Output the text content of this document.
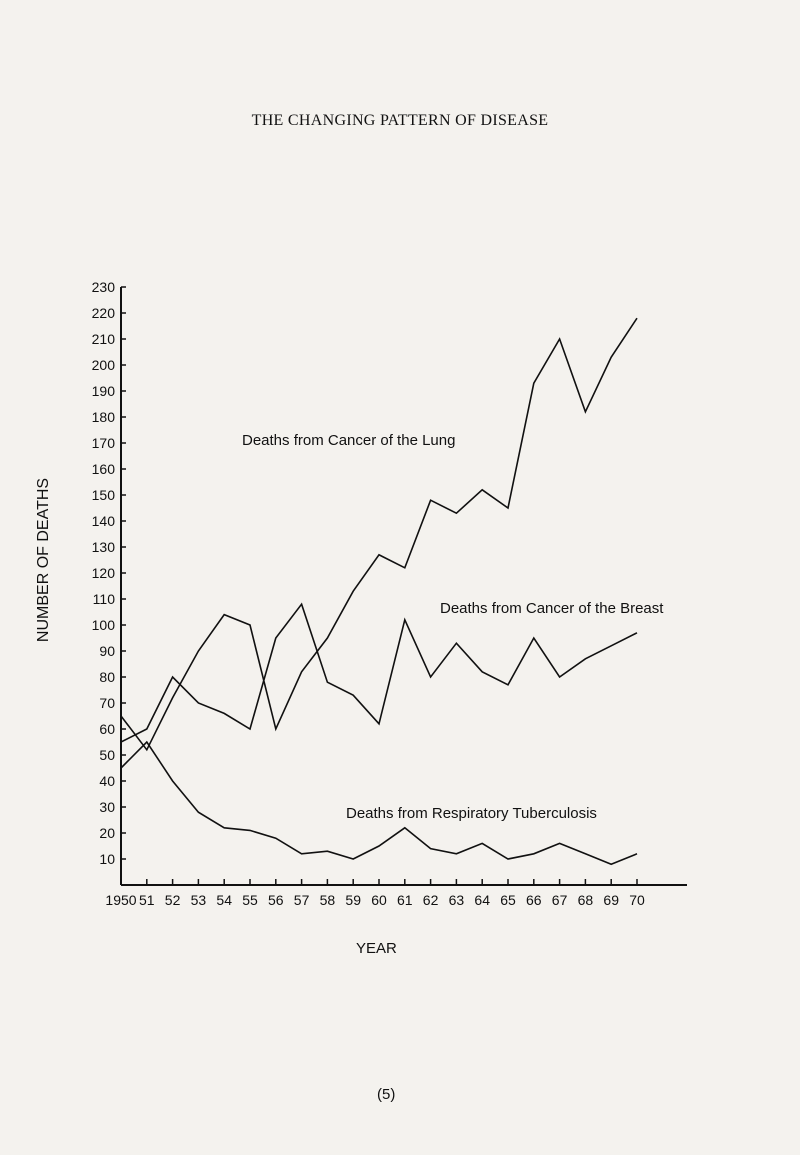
THE CHANGING PATTERN OF DISEASE
10
20
30
40
50
60
70
80
90
100
110
120
130
140
150
160
170
180
190
200
210
220
230
1950 51 52 53 54 55 56 57 58 59 60 61 62 63 64 65 66 67 68 69 70
Deaths from Cancer of the Lung
Deaths from Cancer of the Breast
Deaths from Respiratory Tuberculosis
NUMBER OF DEATHS
YEAR
(5)
